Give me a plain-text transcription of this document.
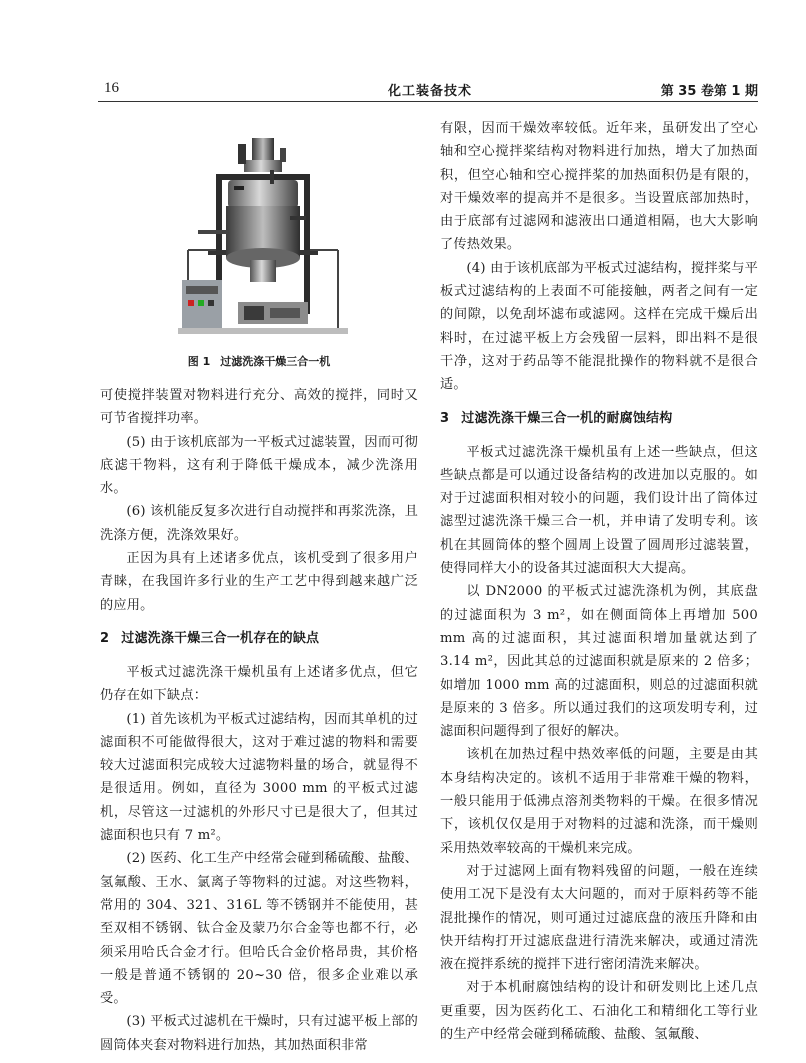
16	化工装备技术	第 35 卷第 1 期
图 1 过滤洗涤干燥三合一机

可使搅拌装置对物料进行充分、高效的搅拌，同时又可节省搅拌功率。

(5) 由于该机底部为一平板式过滤装置，因而可彻底滤干物料，这有利于降低干燥成本，减少洗涤用水。

(6) 该机能反复多次进行自动搅拌和再浆洗涤，且洗涤方便，洗涤效果好。

正因为具有上述诸多优点，该机受到了很多用户青睐，在我国许多行业的生产工艺中得到越来越广泛的应用。

2 过滤洗涤干燥三合一机存在的缺点

平板式过滤洗涤干燥机虽有上述诸多优点，但它仍存在如下缺点：

(1) 首先该机为平板式过滤结构，因而其单机的过滤面积不可能做得很大，这对于难过滤的物料和需要较大过滤面积完成较大过滤物料量的场合，就显得不是很适用。例如，直径为 3000 mm 的平板式过滤机，尽管这一过滤机的外形尺寸已是很大了，但其过滤面积也只有 7 m²。

(2) 医药、化工生产中经常会碰到稀硫酸、盐酸、氢氟酸、王水、氯离子等物料的过滤。对这些物料，常用的 304、321、316L 等不锈钢并不能使用，甚至双相不锈钢、钛合金及蒙乃尔合金等也都不行，必须采用哈氏合金才行。但哈氏合金价格昂贵，其价格一般是普通不锈钢的 20~30 倍，很多企业难以承受。

(3) 平板式过滤机在干燥时，只有过滤平板上部的圆筒体夹套对物料进行加热，其加热面积非常

有限，因而干燥效率较低。近年来，虽研发出了空心轴和空心搅拌桨结构对物料进行加热，增大了加热面积，但空心轴和空心搅拌桨的加热面积仍是有限的，对干燥效率的提高并不是很多。当设置底部加热时，由于底部有过滤网和滤液出口通道相隔，也大大影响了传热效果。

(4) 由于该机底部为平板式过滤结构，搅拌桨与平板式过滤结构的上表面不可能接触，两者之间有一定的间隙，以免刮坏滤布或滤网。这样在完成干燥后出料时，在过滤平板上方会残留一层料，即出料不是很干净，这对于药品等不能混批操作的物料就不是很合适。

3 过滤洗涤干燥三合一机的耐腐蚀结构

平板式过滤洗涤干燥机虽有上述一些缺点，但这些缺点都是可以通过设备结构的改进加以克服的。如对于过滤面积相对较小的问题，我们设计出了筒体过滤型过滤洗涤干燥三合一机，并申请了发明专利。该机在其圆筒体的整个圆周上设置了圆周形过滤装置，使得同样大小的设备其过滤面积大大提高。

以 DN2000 的平板式过滤洗涤机为例，其底盘的过滤面积为 3 m²，如在侧面筒体上再增加 500 mm 高的过滤面积，其过滤面积增加量就达到了 3.14 m²，因此其总的过滤面积就是原来的 2 倍多；如增加 1000 mm 高的过滤面积，则总的过滤面积就是原来的 3 倍多。所以通过我们的这项发明专利，过滤面积问题得到了很好的解决。

该机在加热过程中热效率低的问题，主要是由其本身结构决定的。该机不适用于非常难干燥的物料，一般只能用于低沸点溶剂类物料的干燥。在很多情况下，该机仅仅是用于对物料的过滤和洗涤，而干燥则采用热效率较高的干燥机来完成。

对于过滤网上面有物料残留的问题，一般在连续使用工况下是没有太大问题的，而对于原料药等不能混批操作的情况，则可通过过滤底盘的液压升降和由快开结构打开过滤底盘进行清洗来解决，或通过清洗液在搅拌系统的搅拌下进行密闭清洗来解决。

对于本机耐腐蚀结构的设计和研发则比上述几点更重要，因为医药化工、石油化工和精细化工等行业的生产中经常会碰到稀硫酸、盐酸、氢氟酸、
